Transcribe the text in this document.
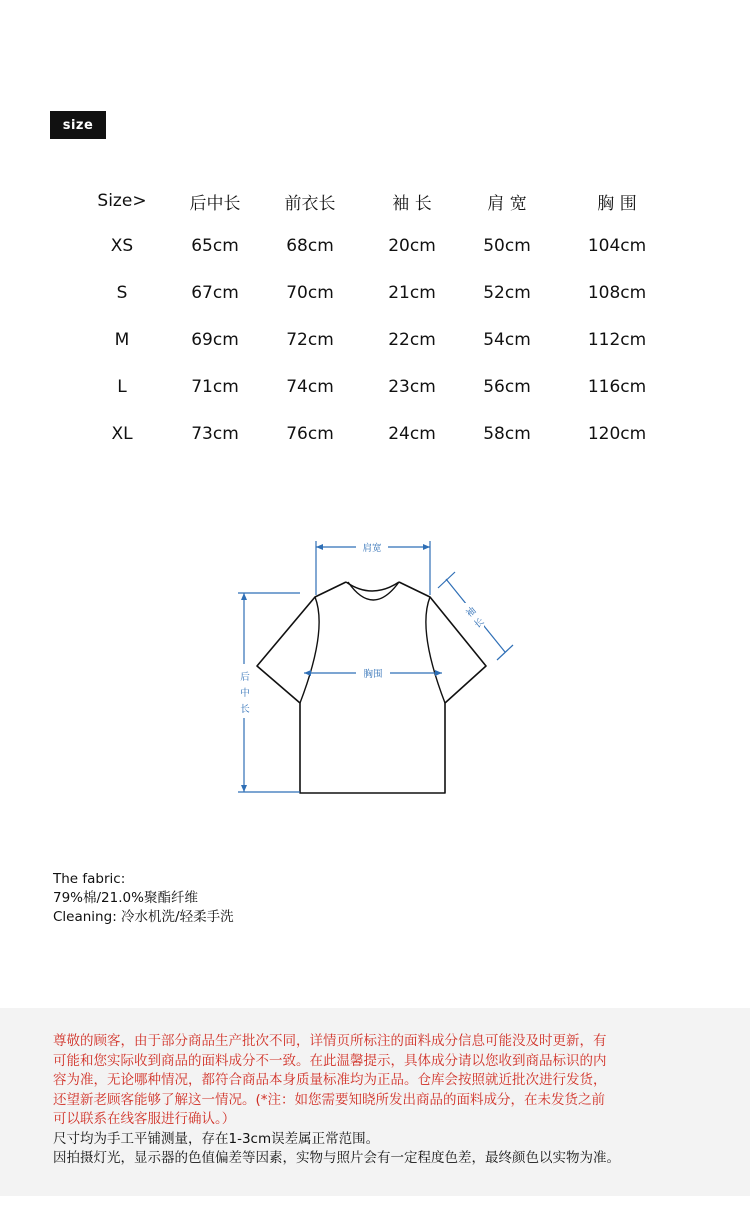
size
Size>	后中长	前衣长	袖 长	肩 宽	胸 围
XS	65cm	68cm	20cm	50cm	104cm
S	67cm	70cm	21cm	52cm	108cm
M	69cm	72cm	22cm	54cm	112cm
L	71cm	74cm	23cm	56cm	116cm
XL	73cm	76cm	24cm	58cm	120cm
肩宽
胸围
后
中
长
袖
长
The fabric:
79%棉/21.0%聚酯纤维
Cleaning: 冷水机洗/轻柔手洗
尊敬的顾客，由于部分商品生产批次不同，详情页所标注的面料成分信息可能没及时更新，有
可能和您实际收到商品的面料成分不一致。在此温馨提示，具体成分请以您收到商品标识的内
容为准，无论哪种情况，都符合商品本身质量标准均为正品。仓库会按照就近批次进行发货，
还望新老顾客能够了解这一情况。(*注：如您需要知晓所发出商品的面料成分，在未发货之前
可以联系在线客服进行确认。）
尺寸均为手工平铺测量，存在1-3cm误差属正常范围。
因拍摄灯光，显示器的色值偏差等因素，实物与照片会有一定程度色差，最终颜色以实物为准。
